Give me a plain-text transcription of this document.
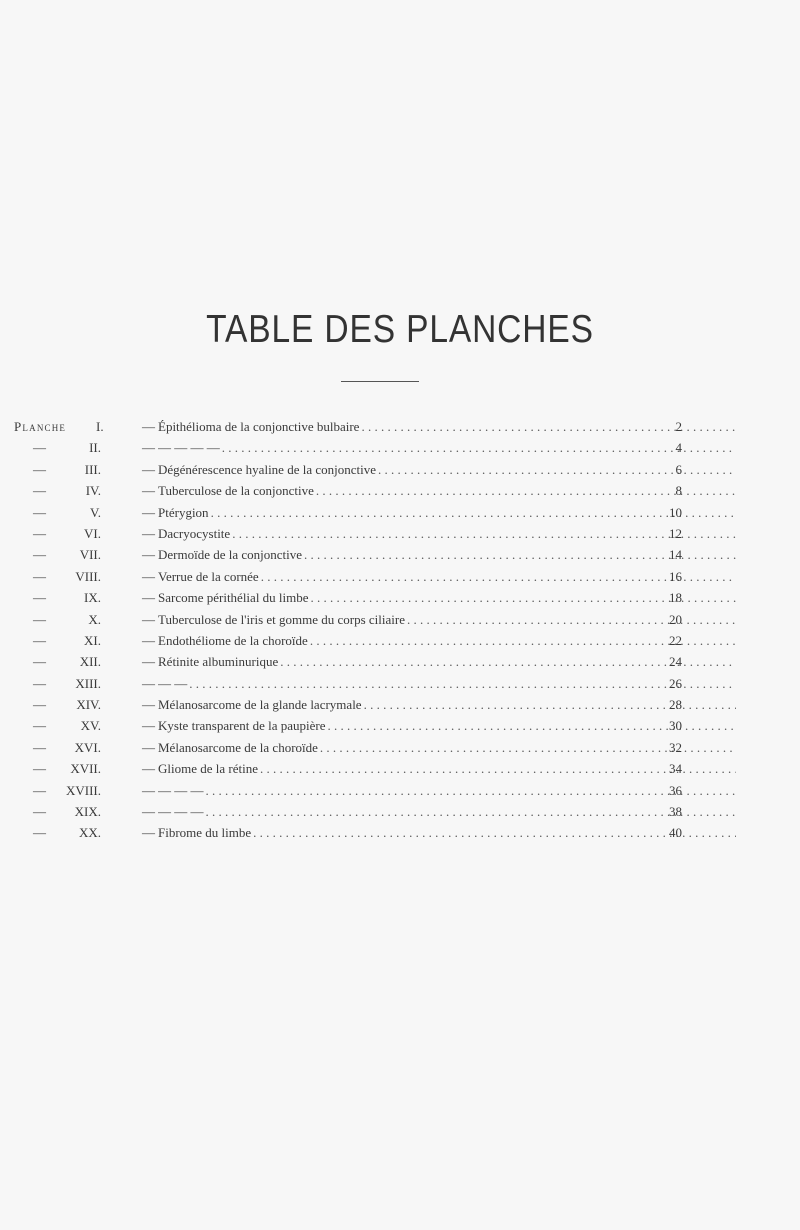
TABLE DES PLANCHES
Planche I.	— Épithélioma de la conjonctive bulbaire . . .	2
—	II.	— — — — — . . .	4
—	III.	— Dégénérescence hyaline de la conjonctive . . .	6
—	IV.	— Tuberculose de la conjonctive . . .	8
—	V.	— Ptérygion . . .	10
—	VI.	— Dacryocystite . . .	12
—	VII.	— Dermoïde de la conjonctive . . .	14
— VIII.	— Verrue de la cornée . . .	16
—	IX.	— Sarcome périthélial du limbe . . .	18
—	X.	— Tuberculose de l'iris et gomme du corps ciliaire . . .	20
—	XI.	— Endothéliome de la choroïde . . .	22
—	XII.	— Rétinite albuminurique . . .	24
— XIII.	— — — . . .	26
— XIV.	— Mélanosarcome de la glande lacrymale . . .	28
—	XV.	— Kyste transparent de la paupière . . .	30
— XVI.	— Mélanosarcome de la choroïde . . .	32
— XVII.	— Gliome de la rétine . . .	34
— XVIII.	— — — — . . .	36
— XIX.	— — — — . . .	38
—	XX.	— Fibrome du limbe . . .	40
